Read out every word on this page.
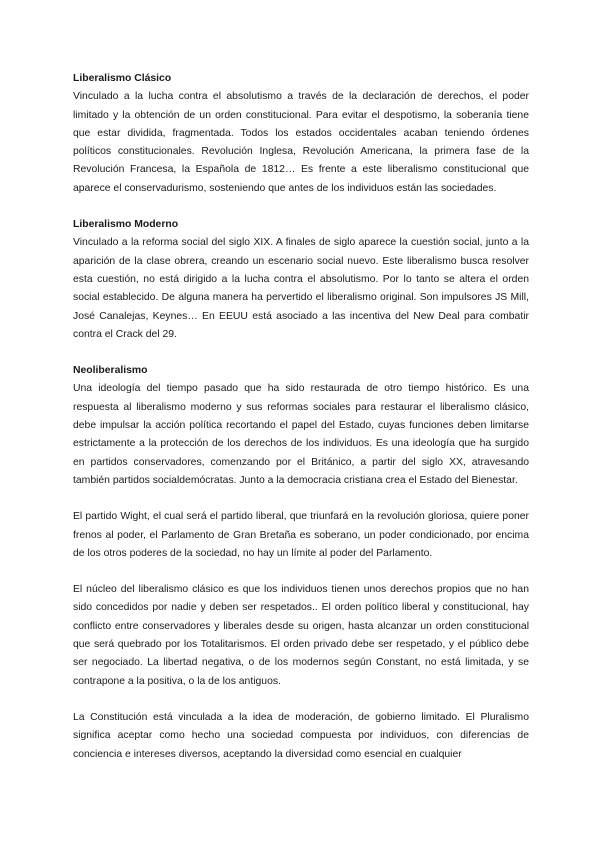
Liberalismo Clásico

Vinculado a la lucha contra el absolutismo a través de la declaración de derechos, el poder limitado y la obtención de un orden constitucional. Para evitar el despotismo, la soberanía tiene que estar dividida, fragmentada. Todos los estados occidentales acaban teniendo órdenes políticos constitucionales. Revolución Inglesa, Revolución Americana, la primera fase de la Revolución Francesa, la Española de 1812… Es frente a este liberalismo constitucional que aparece el conservadurismo, sosteniendo que antes de los individuos están las sociedades.

Liberalismo Moderno

Vinculado a la reforma social del siglo XIX. A finales de siglo aparece la cuestión social, junto a la aparición de la clase obrera, creando un escenario social nuevo. Este liberalismo busca resolver esta cuestión, no está dirigido a la lucha contra el absolutismo. Por lo tanto se altera el orden social establecido. De alguna manera ha pervertido el liberalismo original. Son impulsores JS Mill, José Canalejas, Keynes… En EEUU está asociado a las incentiva del New Deal para combatir contra el Crack del 29.

Neoliberalismo

Una ideología del tiempo pasado que ha sido restaurada de otro tiempo histórico. Es una respuesta al liberalismo moderno y sus reformas sociales para restaurar el liberalismo clásico, debe impulsar la acción política recortando el papel del Estado, cuyas funciones deben limitarse estrictamente a la protección de los derechos de los individuos. Es una ideología que ha surgido en partidos conservadores, comenzando por el Británico, a partir del siglo XX, atravesando también partidos socialdemócratas. Junto a la democracia cristiana crea el Estado del Bienestar.

El partido Wight, el cual será el partido liberal, que triunfará en la revolución gloriosa, quiere poner frenos al poder, el Parlamento de Gran Bretaña es soberano, un poder condicionado, por encima de los otros poderes de la sociedad, no hay un límite al poder del Parlamento.

El núcleo del liberalismo clásico es que los individuos tienen unos derechos propios que no han sido concedidos por nadie y deben ser respetados.. El orden político liberal y constitucional, hay conflicto entre conservadores y liberales desde su origen, hasta alcanzar un orden constitucional que será quebrado por los Totalitarismos. El orden privado debe ser respetado, y el público debe ser negociado. La libertad negativa, o de los modernos según Constant, no está limitada, y se contrapone a la positiva, o la de los antiguos.

La Constitución está vinculada a la idea de moderación, de gobierno limitado. El Pluralismo significa aceptar como hecho una sociedad compuesta por individuos, con diferencias de conciencia e intereses diversos, aceptando la diversidad como esencial en cualquier
